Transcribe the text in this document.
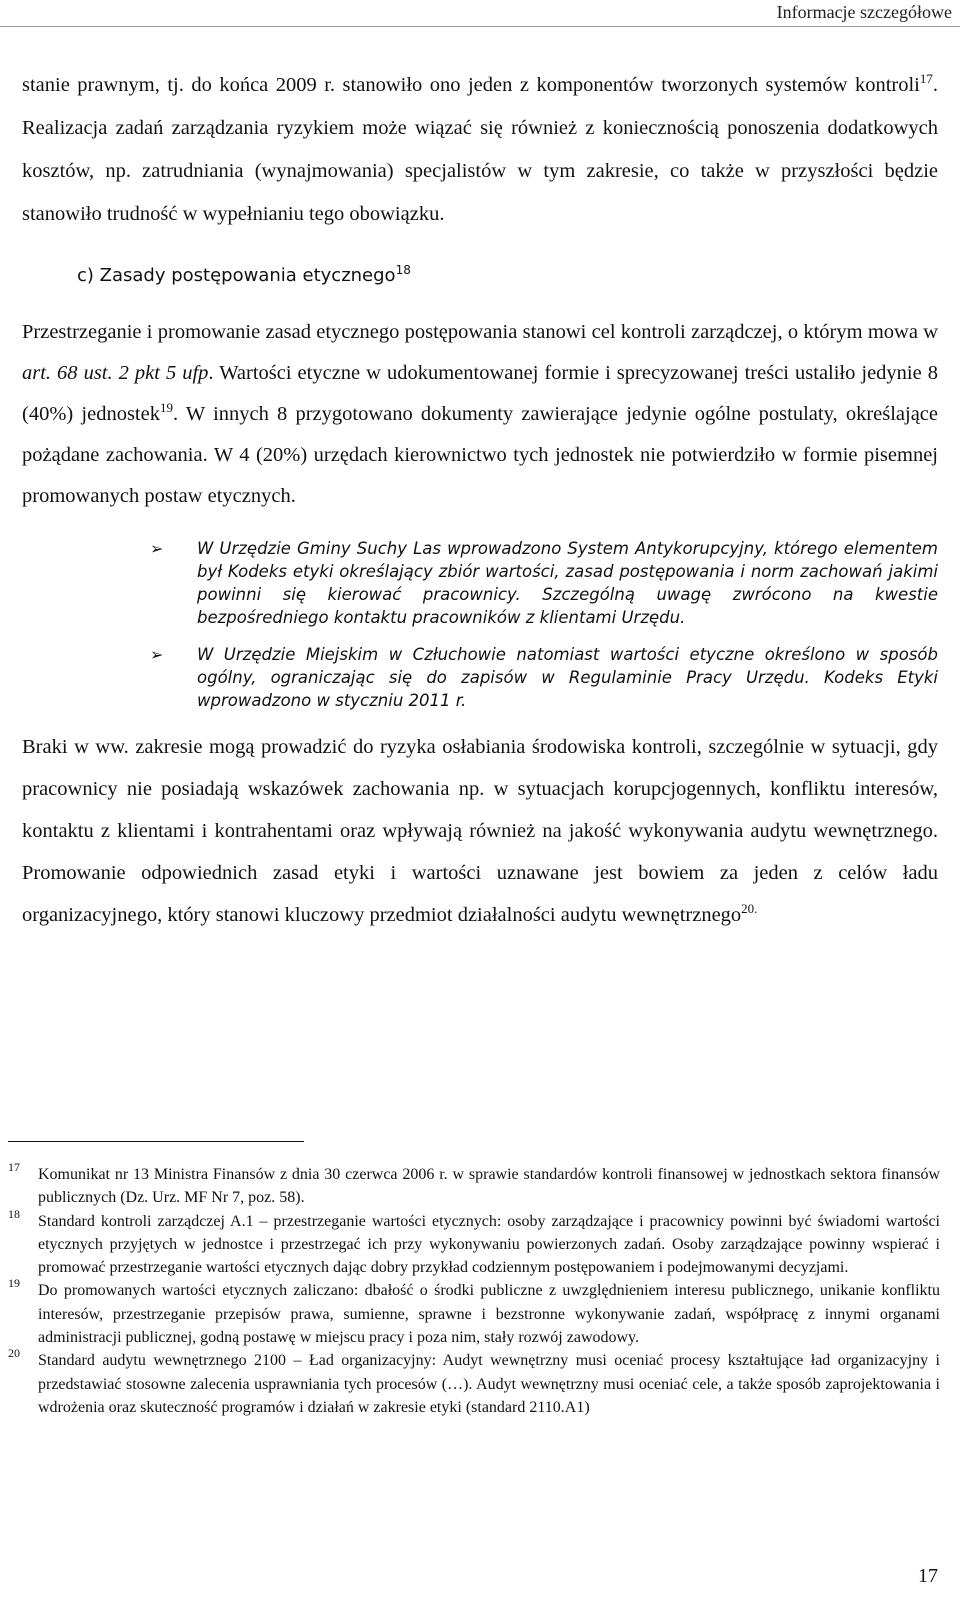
Informacje szczegółowe

stanie prawnym, tj. do końca 2009 r. stanowiło ono jeden z komponentów tworzonych systemów kontroli$^{17}$. Realizacja zadań zarządzania ryzykiem może wiązać się również z koniecznością ponoszenia dodatkowych kosztów, np. zatrudniania (wynajmowania) specjalistów w tym zakresie, co także w przyszłości będzie stanowiło trudność w wypełnianiu tego obowiązku.

c) Zasady postępowania etycznego$^{18}$

Przestrzeganie i promowanie zasad etycznego postępowania stanowi cel kontroli zarządczej, o którym mowa w art. 68 ust. 2 pkt 5 ufp. Wartości etyczne w udokumentowanej formie i sprecyzowanej treści ustaliło jedynie 8 (40%) jednostek$^{19}$. W innych 8 przygotowano dokumenty zawierające jedynie ogólne postulaty, określające pożądane zachowania. W 4 (20%) urzędach kierownictwo tych jednostek nie potwierdziło w formie pisemnej promowanych postaw etycznych.

➢ W Urzędzie Gminy Suchy Las wprowadzono System Antykorupcyjny, którego elementem był Kodeks etyki określający zbiór wartości, zasad postępowania i norm zachowań jakimi powinni się kierować pracownicy. Szczególną uwagę zwrócono na kwestie bezpośredniego kontaktu pracowników z klientami Urzędu.
➢ W Urzędzie Miejskim w Człuchowie natomiast wartości etyczne określono w sposób ogólny, ograniczając się do zapisów w Regulaminie Pracy Urzędu. Kodeks Etyki wprowadzono w styczniu 2011 r.

Braki w ww. zakresie mogą prowadzić do ryzyka osłabiania środowiska kontroli, szczególnie w sytuacji, gdy pracownicy nie posiadają wskazówek zachowania np. w sytuacjach korupcjogennych, konfliktu interesów, kontaktu z klientami i kontrahentami oraz wpływają również na jakość wykonywania audytu wewnętrznego. Promowanie odpowiednich zasad etyki i wartości uznawane jest bowiem za jeden z celów ładu organizacyjnego, który stanowi kluczowy przedmiot działalności audytu wewnętrznego$^{20.}$

17 Komunikat nr 13 Ministra Finansów z dnia 30 czerwca 2006 r. w sprawie standardów kontroli finansowej w jednostkach sektora finansów publicznych (Dz. Urz. MF Nr 7, poz. 58).

18 Standard kontroli zarządczej A.1 – przestrzeganie wartości etycznych: osoby zarządzające i pracownicy powinni być świadomi wartości etycznych przyjętych w jednostce i przestrzegać ich przy wykonywaniu powierzonych zadań. Osoby zarządzające powinny wspierać i promować przestrzeganie wartości etycznych dając dobry przykład codziennym postępowaniem i podejmowanymi decyzjami.

19 Do promowanych wartości etycznych zaliczano: dbałość o środki publiczne z uwzględnieniem interesu publicznego, unikanie konfliktu interesów, przestrzeganie przepisów prawa, sumienne, sprawne i bezstronne wykonywanie zadań, współpracę z innymi organami administracji publicznej, godną postawę w miejscu pracy i poza nim, stały rozwój zawodowy.

20 Standard audytu wewnętrznego 2100 – Ład organizacyjny: Audyt wewnętrzny musi oceniać procesy kształtujące ład organizacyjny i przedstawiać stosowne zalecenia usprawniania tych procesów (…). Audyt wewnętrzny musi oceniać cele, a także sposób zaprojektowania i wdrożenia oraz skuteczność programów i działań w zakresie etyki (standard 2110.A1)

17
